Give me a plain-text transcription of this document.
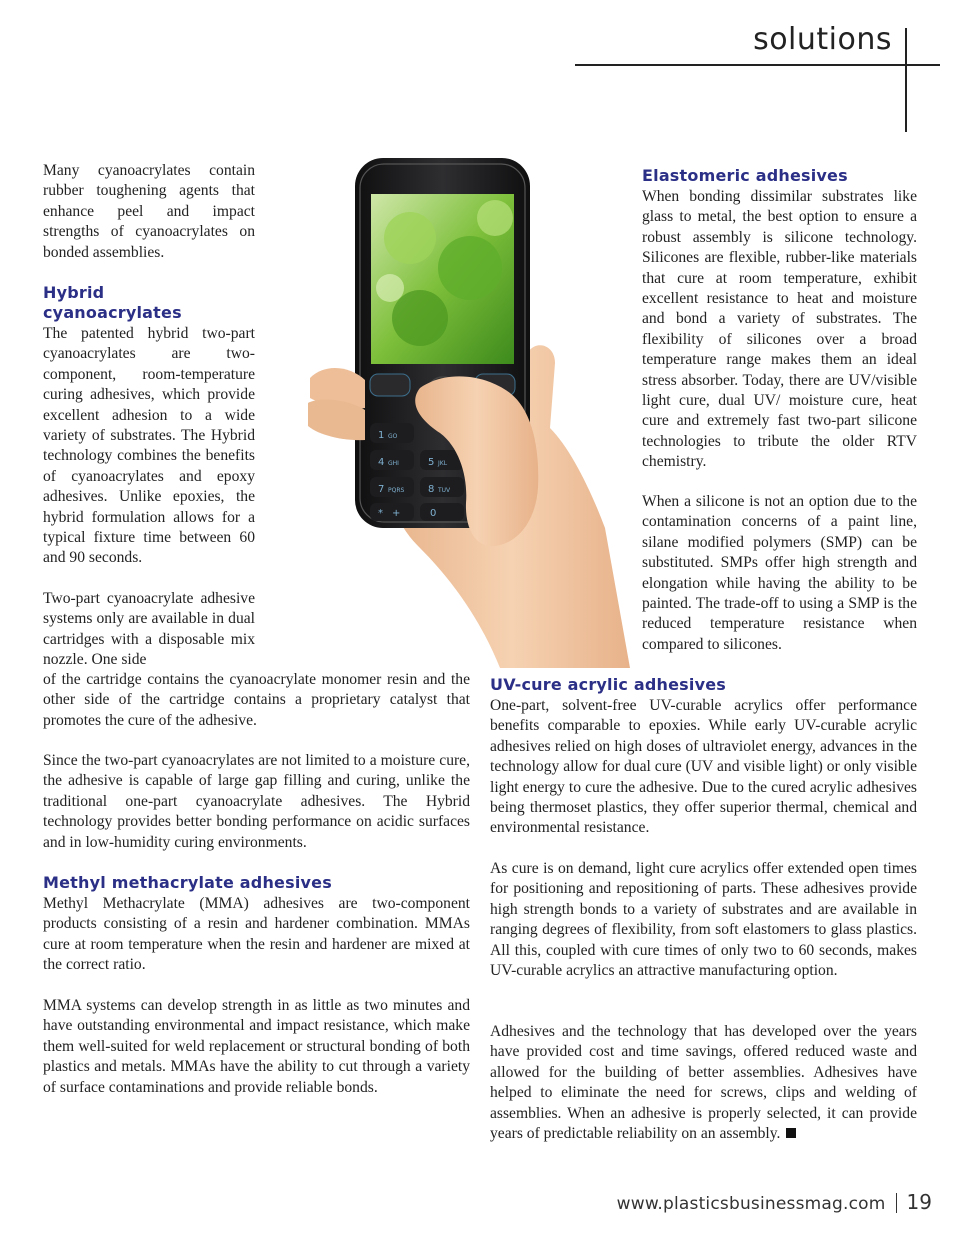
solutions
1 GO
4 GHI	5 JKL
7 PQRS 8 TUV
0
* +

Many cyanoacrylates contain rubber toughening agents that enhance peel and impact strengths of cyanoacrylates on bonded assemblies.

Hybrid
cyanoacrylates

The patented hybrid two-part cyanoacrylates are two-component, room-temperature curing adhesives, which provide excellent adhesion to a wide variety of substrates. The Hybrid technology combines the benefits of cyanoacrylates and epoxy adhesives. Unlike epoxies, the hybrid formulation allows for a typical fixture time between 60 and 90 seconds.

Two-part cyanoacrylate adhesive systems only are available in dual cartridges with a disposable mix nozzle. One side

of the cartridge contains the cyanoacrylate monomer resin and the other side of the cartridge contains a proprietary catalyst that promotes the cure of the adhesive.

Since the two-part cyanoacrylates are not limited to a moisture cure, the adhesive is capable of large gap filling and curing, unlike the traditional one-part cyanoacrylate adhesives. The Hybrid technology provides better bonding performance on acidic surfaces and in low-humidity curing environments.

Methyl methacrylate adhesives

Methyl Methacrylate (MMA) adhesives are two-component products consisting of a resin and hardener combination. MMAs cure at room temperature when the resin and hardener are mixed at the correct ratio.

MMA systems can develop strength in as little as two minutes and have outstanding environmental and impact resistance, which make them well-suited for weld replacement or structural bonding of both plastics and metals. MMAs have the ability to cut through a variety of surface contaminations and provide reliable bonds.

Elastomeric adhesives

When bonding dissimilar substrates like glass to metal, the best option to ensure a robust assembly is silicone technology. Silicones are flexible, rubber-like materials that cure at room temperature, exhibit excellent resistance to heat and moisture and bond a variety of substrates. The flexibility of silicones over a broad temperature range makes them an ideal stress absorber. Today, there are UV/visible light cure, dual UV/ moisture cure, heat cure and extremely fast two-part silicone technologies to tribute the older RTV chemistry.

When a silicone is not an option due to the contamination concerns of a paint line, silane modified polymers (SMP) can be substituted. SMPs offer high strength and elongation while having the ability to be painted. The trade-off to using a SMP is the reduced temperature resistance when compared to silicones.

UV-cure acrylic adhesives

One-part, solvent-free UV-curable acrylics offer performance benefits comparable to epoxies. While early UV-curable acrylic adhesives relied on high doses of ultraviolet energy, advances in the technology allow for dual cure (UV and visible light) or only visible light energy to cure the adhesive. Due to the cured acrylic adhesives being thermoset plastics, they offer superior thermal, chemical and environmental resistance.

As cure is on demand, light cure acrylics offer extended open times for positioning and repositioning of parts. These adhesives provide high strength bonds to a variety of substrates and are available in ranging degrees of flexibility, from soft elastomers to glass plastics. All this, coupled with cure times of only two to 60 seconds, makes UV-curable acrylics an attractive manufacturing option.

Adhesives and the technology that has developed over the years have provided cost and time savings, offered reduced waste and allowed for the building of better assemblies. Adhesives have helped to eliminate the need for screws, clips and welding of assemblies. When an adhesive is properly selected, it can provide years of predictable reliability on an assembly.

www.plasticsbusinessmag.com 19
